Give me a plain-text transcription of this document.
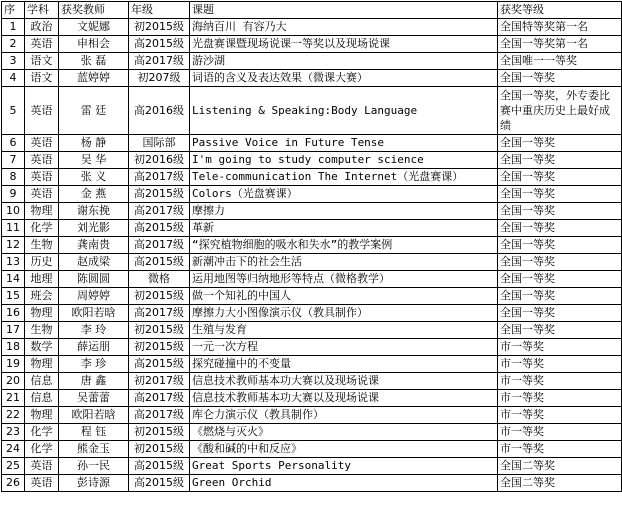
序	学科	获奖教师	年级	课题	获奖等级
1	政治	文妮娜	初2015级	海纳百川 有容乃大	全国特等奖第一名
2	英语	申相会	高2015级	光盘赛课暨现场说课一等奖以及现场说课	全国一等奖第一名
3	语文	张 磊	高2017级	游沙湖	全国唯一一等奖
4	语文	蓝婷婷	初207级	词语的含义及表达效果（微课大赛）	全国一等奖
5	英语	雷 廷	高2016级	Listening & Speaking:Body Language	全国一等奖，外专委比赛中重庆历史上最好成绩
6	英语	杨 静	国际部	Passive Voice in Future Tense	全国一等奖
7	英语	吴 华	初2016级	I'm going to study computer science	全国一等奖
8	英语	张 义	高2017级	Tele-communication The Internet（光盘赛课）	全国一等奖
9	英语	金 燕	高2015级	Colors（光盘赛课）	全国一等奖
10	物理	谢东挽	高2017级	摩擦力	全国一等奖
11	化学	刘光影	高2015级	革新	全国一等奖
12	生物	龚南贵	高2017级	“探究植物细胞的吸水和失水”的教学案例	全国一等奖
13	历史	赵成梁	高2015级	新潮冲击下的社会生活	全国一等奖
14	地理	陈圆圆	微格	运用地图等归纳地形等特点（微格教学）	全国一等奖
15	班会	周婷婷	初2015级	做一个知礼的中国人	全国一等奖
16	物理	欧阳若晗	高2017级	摩擦力大小图像演示仪（教具制作）	全国一等奖
17	生物	李 玲	初2015级	生殖与发育	全国一等奖
18	数学	薛运朋	初2015级	一元一次方程	市一等奖
19	物理	李 珍	高2015级	探究碰撞中的不变量	市一等奖
20	信息	唐 鑫	初2017级	信息技术教师基本功大赛以及现场说课	市一等奖
21	信息	吴蕾蕾	高2017级	信息技术教师基本功大赛以及现场说课	市一等奖
22	物理	欧阳若晗	高2017级	库仑力演示仪（教具制作）	市一等奖
23	化学	程 钰	初2015级	《燃烧与灭火》	市一等奖
24	化学	熊金玉	初2015级	《酸和碱的中和反应》	市一等奖
25	英语	孙一民	高2015级	Great Sports Personality	全国二等奖
26	英语	彭诗源	高2015级	Green Orchid	全国二等奖
